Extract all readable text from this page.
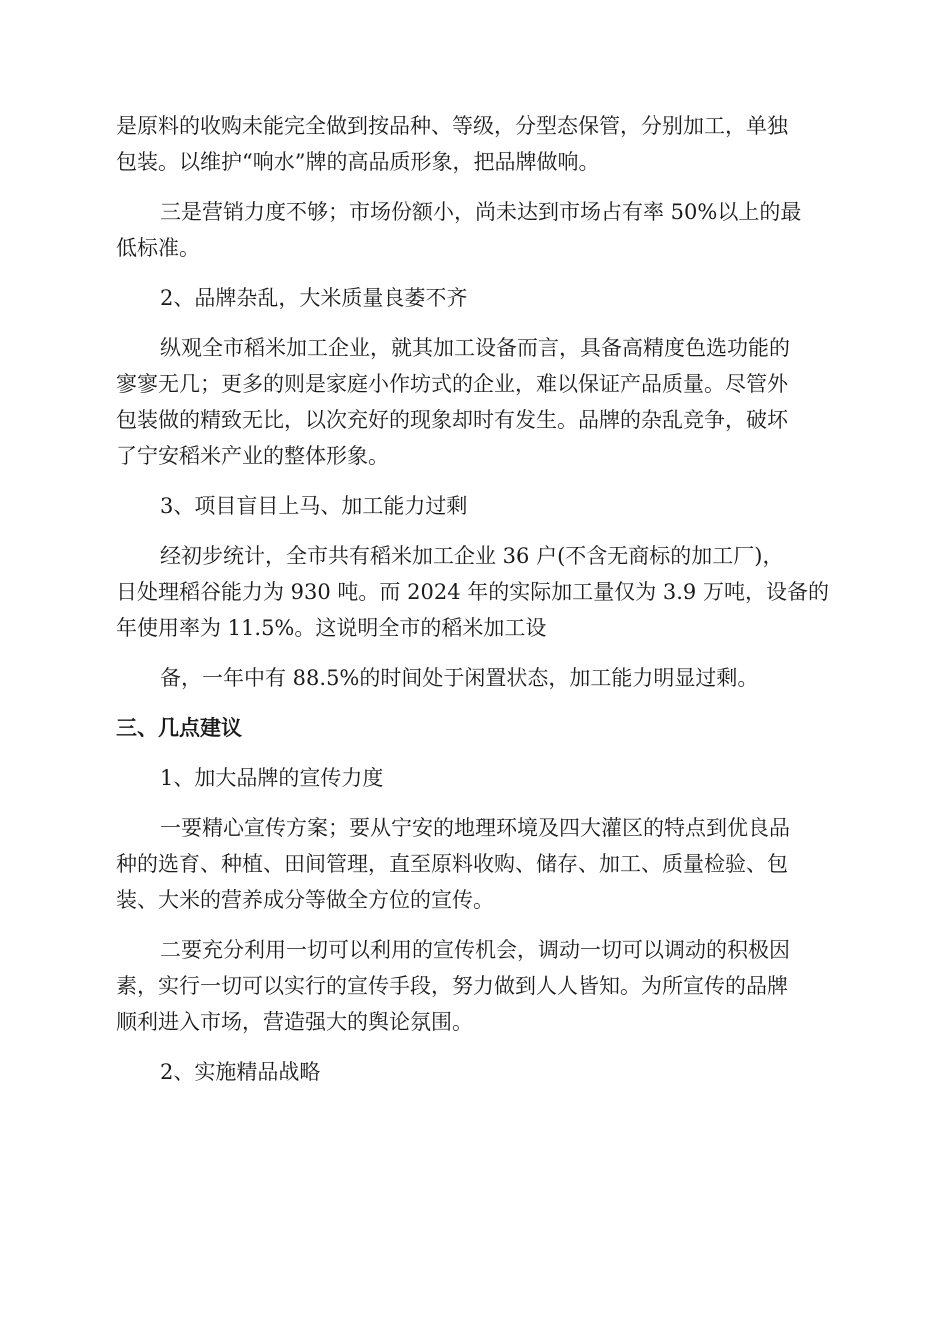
是原料的收购未能完全做到按品种、等级，分型态保管，分别加工，单独
包装。以维护“响水”牌的高品质形象，把品牌做响。

三是营销力度不够；市场份额小，尚未达到市场占有率 50%以上的最
低标准。

2、品牌杂乱，大米质量良萎不齐

纵观全市稻米加工企业，就其加工设备而言，具备高精度色选功能的
寥寥无几；更多的则是家庭小作坊式的企业，难以保证产品质量。尽管外
包装做的精致无比，以次充好的现象却时有发生。品牌的杂乱竞争，破坏
了宁安稻米产业的整体形象。

3、项目盲目上马、加工能力过剩

经初步统计，全市共有稻米加工企业 36 户(不含无商标的加工厂)，
日处理稻谷能力为 930 吨。而 2024 年的实际加工量仅为 3.9 万吨，设备的
年使用率为 11.5%。这说明全市的稻米加工设

备，一年中有 88.5%的时间处于闲置状态，加工能力明显过剩。

三、几点建议

1、加大品牌的宣传力度

一要精心宣传方案；要从宁安的地理环境及四大灌区的特点到优良品
种的选育、种植、田间管理，直至原料收购、储存、加工、质量检验、包
装、大米的营养成分等做全方位的宣传。

二要充分利用一切可以利用的宣传机会，调动一切可以调动的积极因
素，实行一切可以实行的宣传手段，努力做到人人皆知。为所宣传的品牌
顺利进入市场，营造强大的舆论氛围。

2、实施精品战略
